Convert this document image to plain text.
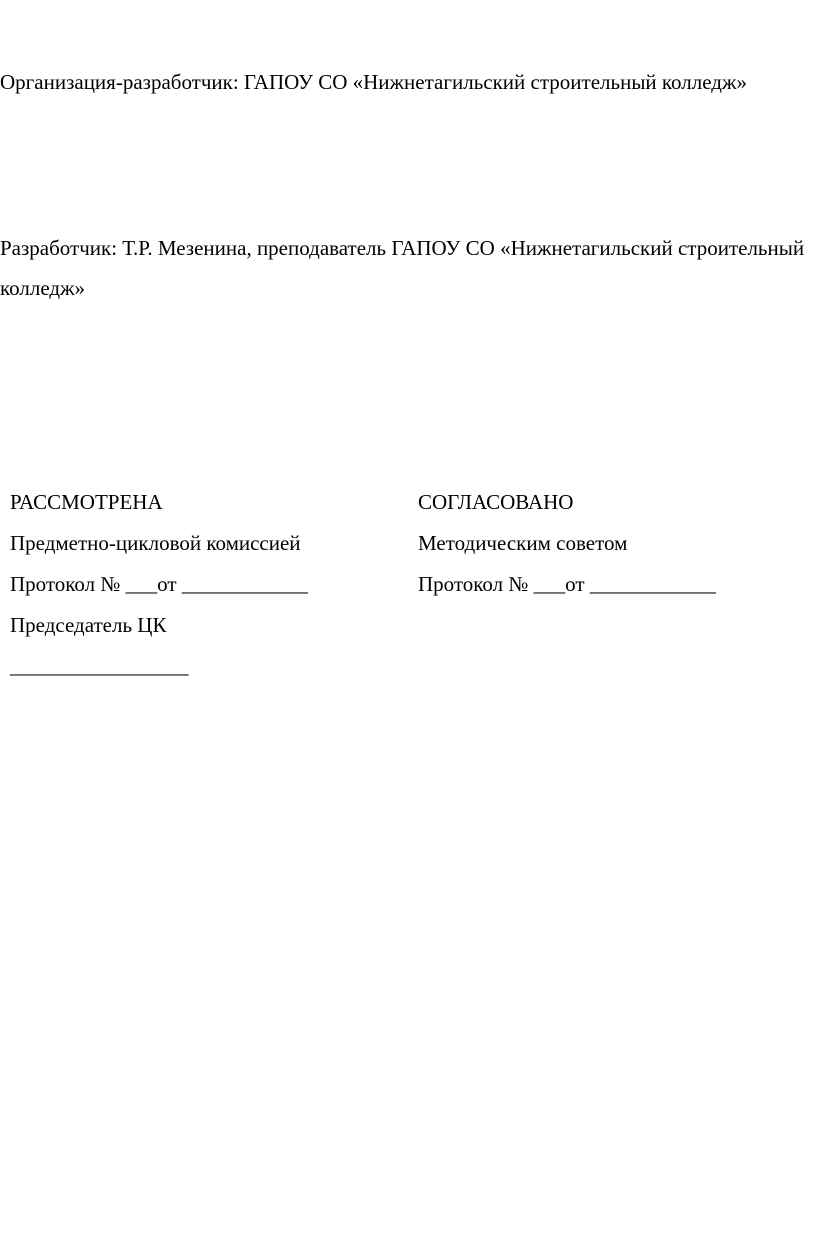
Организация-разработчик: ГАПОУ СО «Нижнетагильский строительный колледж»
Разработчик: Т.Р. Мезенина, преподаватель ГАПОУ СО «Нижнетагильский строительный колледж»
РАССМОТРЕНА
Предметно-цикловой комиссией
Протокол № ___от ____________
Председатель ЦК
_________________
СОГЛАСОВАНО
Методическим советом
Протокол № ___от ____________
